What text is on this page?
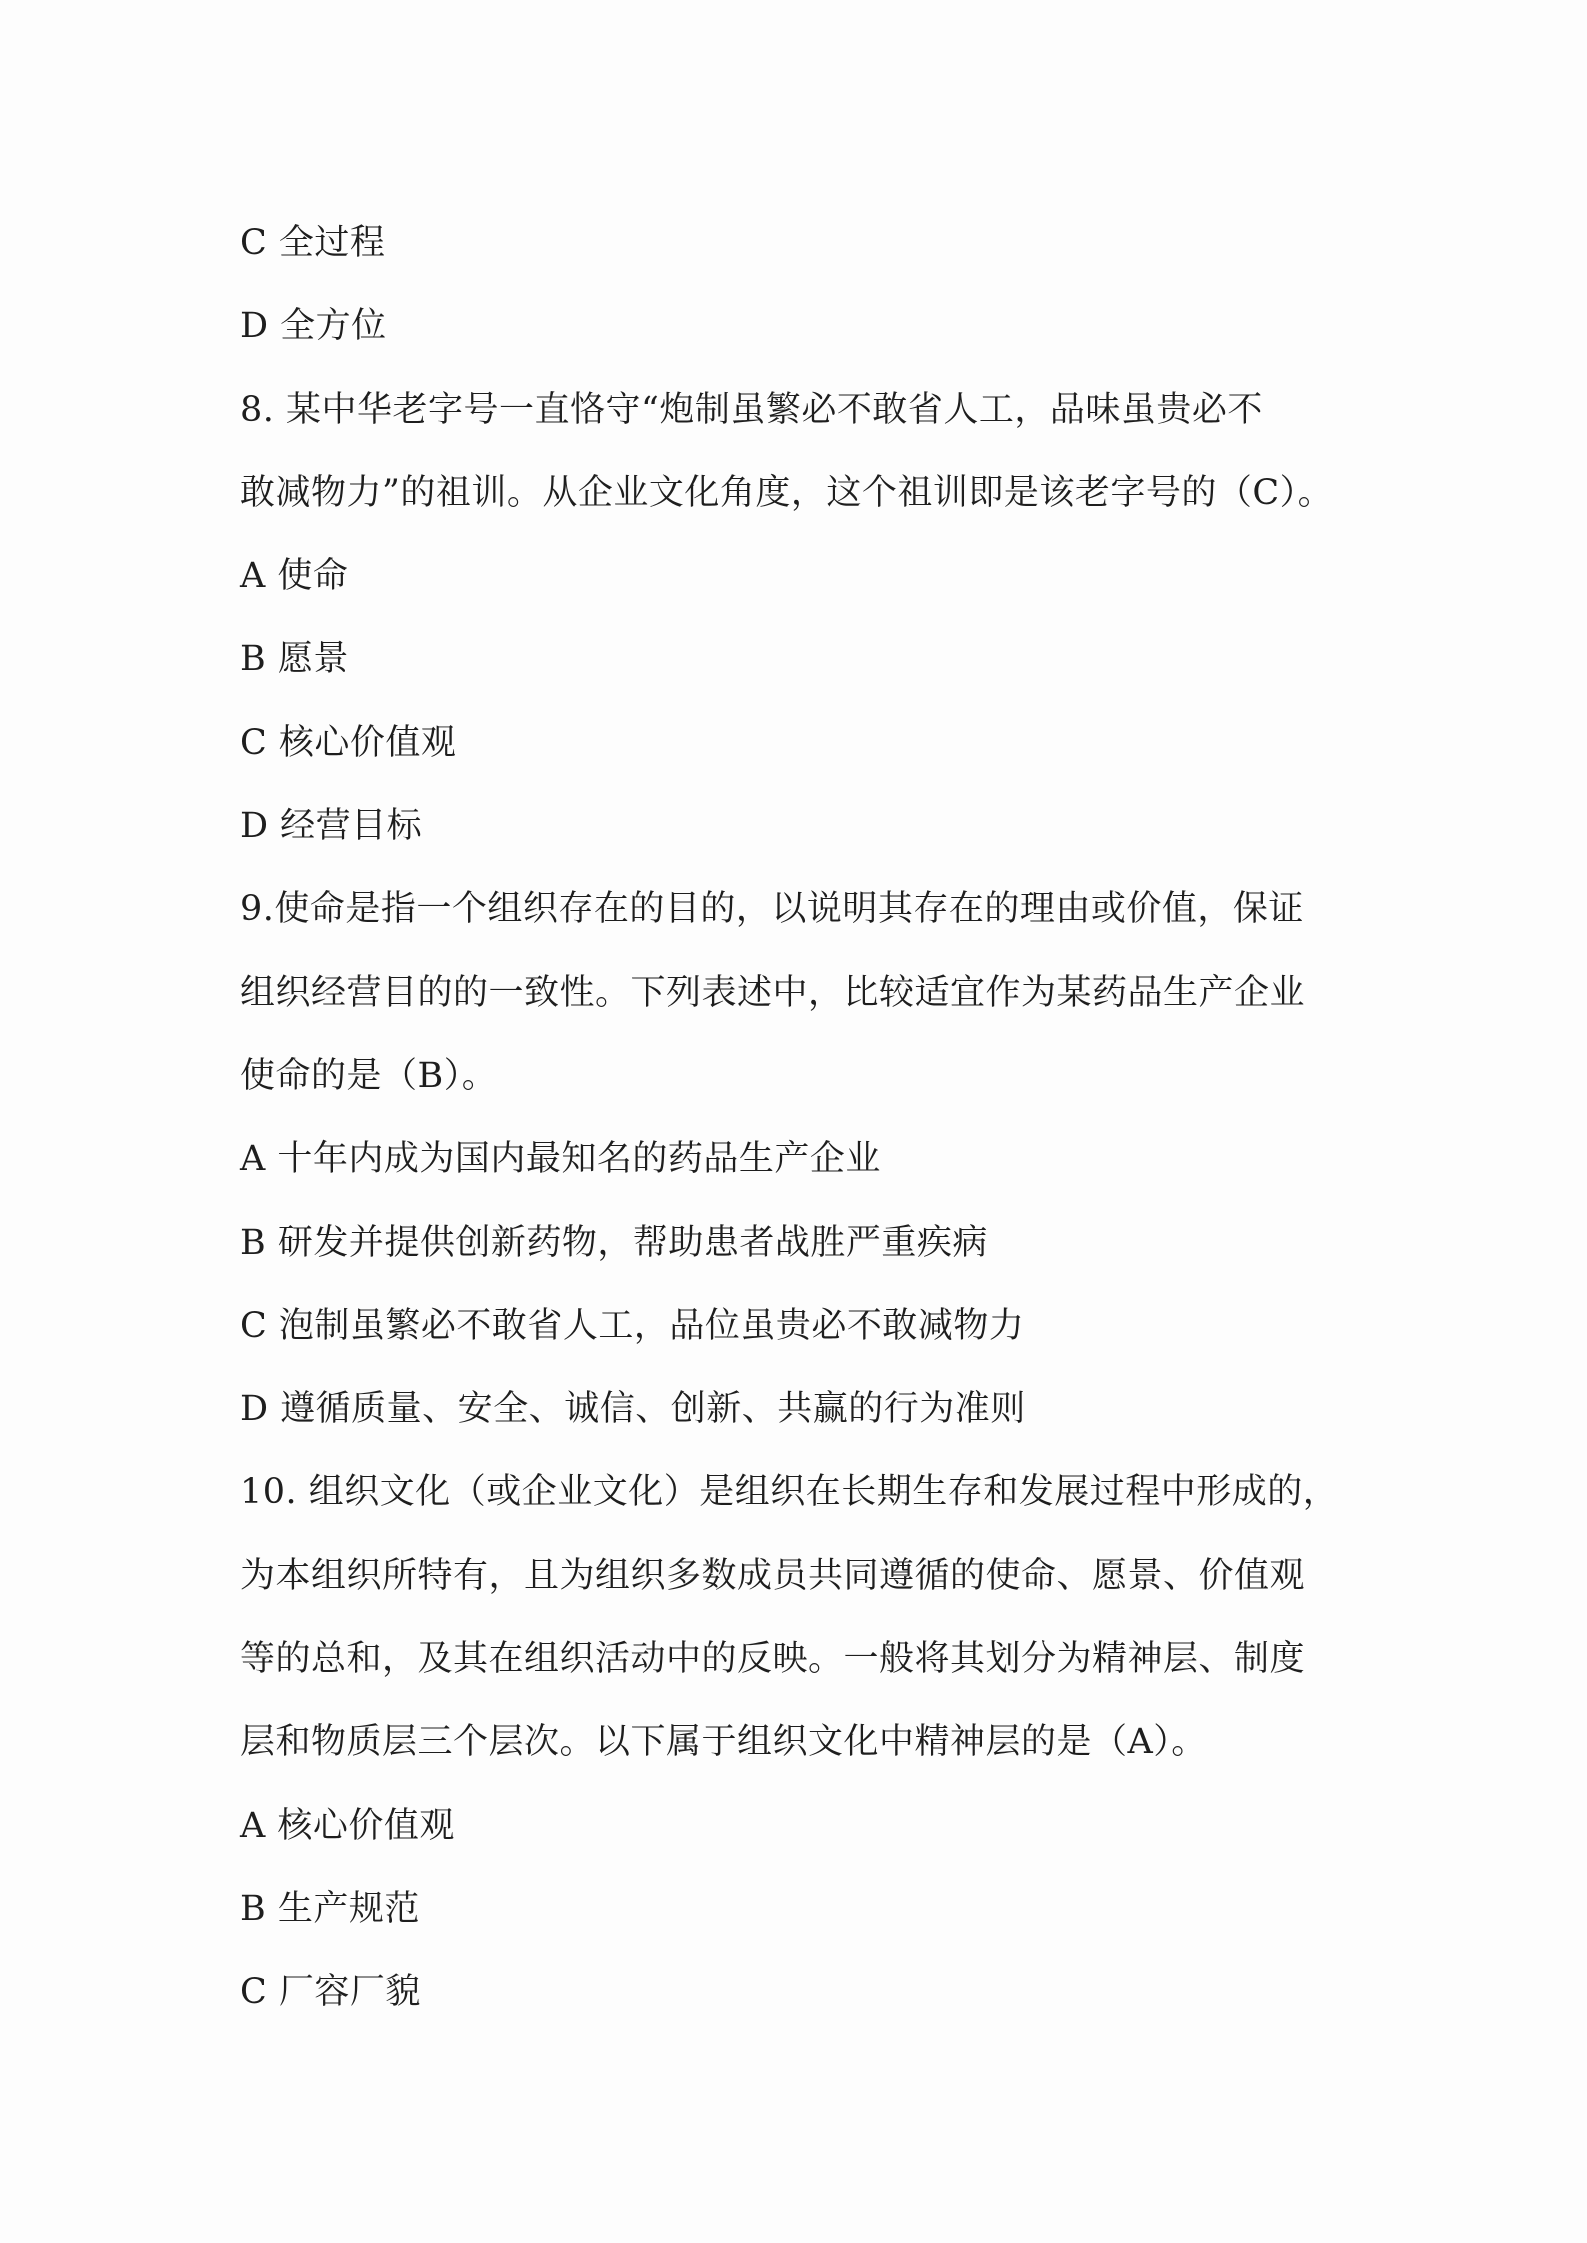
C 全过程
D 全方位
8. 某中华老字号一直恪守“炮制虽繁必不敢省人工，品味虽贵必不
敢减物力”的祖训。从企业文化角度，这个祖训即是该老字号的（C）。
A 使命
B 愿景
C 核心价值观
D 经营目标
9.使命是指一个组织存在的目的，以说明其存在的理由或价值，保证
组织经营目的的一致性。下列表述中，比较适宜作为某药品生产企业
使命的是（B）。
A 十年内成为国内最知名的药品生产企业
B 研发并提供创新药物，帮助患者战胜严重疾病
C 泡制虽繁必不敢省人工，品位虽贵必不敢减物力
D 遵循质量、安全、诚信、创新、共赢的行为准则
10. 组织文化（或企业文化）是组织在长期生存和发展过程中形成的，
为本组织所特有，且为组织多数成员共同遵循的使命、愿景、价值观
等的总和，及其在组织活动中的反映。一般将其划分为精神层、制度
层和物质层三个层次。以下属于组织文化中精神层的是（A）。
A 核心价值观
B 生产规范
C 厂容厂貌
